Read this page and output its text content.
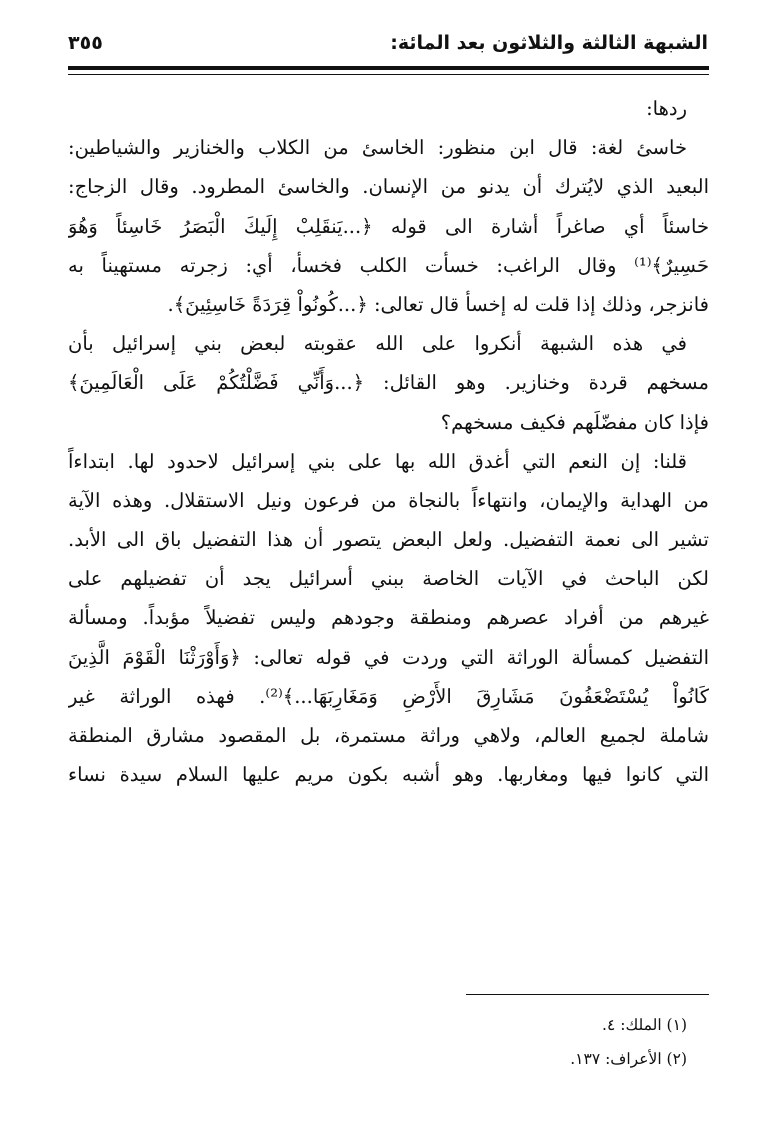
الشبهة الثالثة والثلاثون بعد المائة:
٣٥٥
ردها:
خاسئ لغة: قال ابن منظور: الخاسئ من الكلاب والخنازير والشياطين:
البعيد الذي لايُترك أن يدنو من الإنسان. والخاسئ المطرود. وقال الزجاج:
خاسئاً أي صاغراً أشارة الى قوله ﴿...يَنقَلِبْ إِلَيكَ الْبَصَرُ خَاسِئاً وَهُوَ
حَسِيرٌ﴾⁽¹⁾ وقال الراغب: خسأت الكلب فخسأ، أي: زجرته مستهيناً به
فانزجر، وذلك إذا قلت له إخسأ قال تعالى: ﴿...كُونُواْ قِرَدَةً خَاسِئِينَ﴾.
في هذه الشبهة أنكروا على الله عقوبته لبعض بني إسرائيل بأن
مسخهم قردة وخنازير. وهو القائل: ﴿...وَأَنِّي فَضَّلْتُكُمْ عَلَى الْعَالَمِينَ﴾
فإذا كان مفضّلَهم فكيف مسخهم؟
قلنا: إن النعم التي أغدق الله بها على بني إسرائيل لاحدود لها. ابتداءاً
من الهداية والإيمان، وانتهاءاً بالنجاة من فرعون ونيل الاستقلال. وهذه الآية
تشير الى نعمة التفضيل. ولعل البعض يتصور أن هذا التفضيل باق الى الأبد.
لكن الباحث في الآيات الخاصة ببني أسرائيل يجد أن تفضيلهم على
غيرهم من أفراد عصرهم ومنطقة وجودهم وليس تفضيلاً مؤبداً. ومسألة
التفضيل كمسألة الوراثة التي وردت في قوله تعالى: ﴿وَأَوْرَثْنَا الْقَوْمَ الَّذِينَ
كَانُواْ يُسْتَضْعَفُونَ مَشَارِقَ الأَرْضِ وَمَغَارِبَهَا...﴾⁽²⁾. فهذه الوراثة غير
شاملة لجميع العالم، ولاهي وراثة مستمرة، بل المقصود مشارق المنطقة
التي كانوا فيها ومغاربها. وهو أشبه بكون مريم عليها السلام سيدة نساء
(١) الملك: ٤.
(٢) الأعراف: ١٣٧.
